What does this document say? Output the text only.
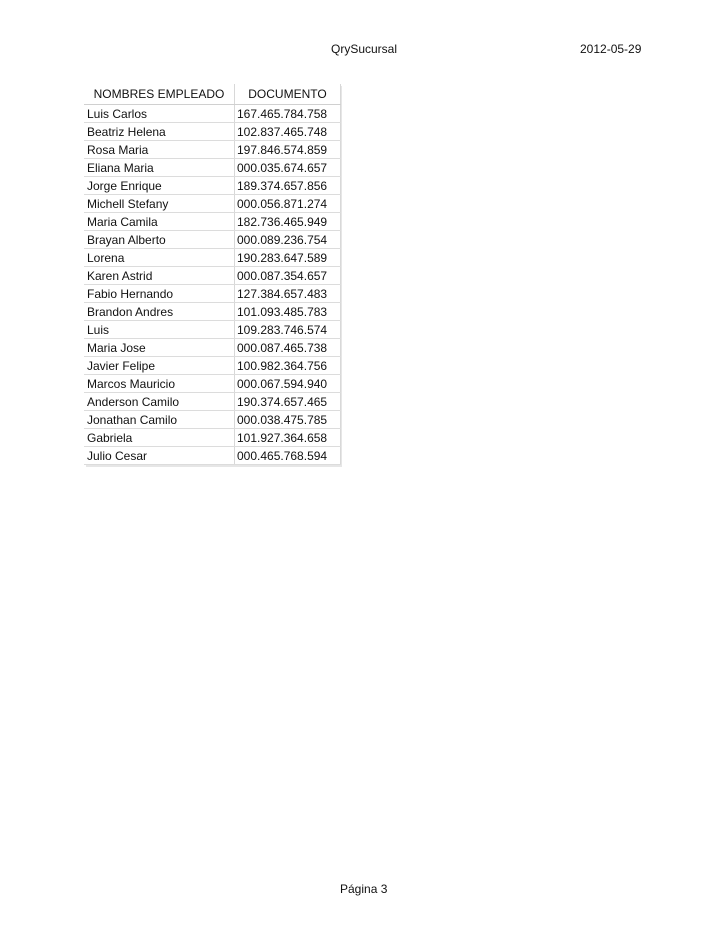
QrySucursal	2012-05-29
NOMBRES EMPLEADO	DOCUMENTO
Luis Carlos	167.465.784.758
Beatriz Helena	102.837.465.748
Rosa Maria	197.846.574.859
Eliana Maria	000.035.674.657
Jorge Enrique	189.374.657.856
Michell Stefany	000.056.871.274
Maria Camila	182.736.465.949
Brayan Alberto	000.089.236.754
Lorena	190.283.647.589
Karen Astrid	000.087.354.657
Fabio Hernando	127.384.657.483
Brandon Andres	101.093.485.783
Luis	109.283.746.574
Maria Jose	000.087.465.738
Javier Felipe	100.982.364.756
Marcos Mauricio	000.067.594.940
Anderson Camilo	190.374.657.465
Jonathan Camilo	000.038.475.785
Gabriela	101.927.364.658
Julio Cesar	000.465.768.594
Página 3
